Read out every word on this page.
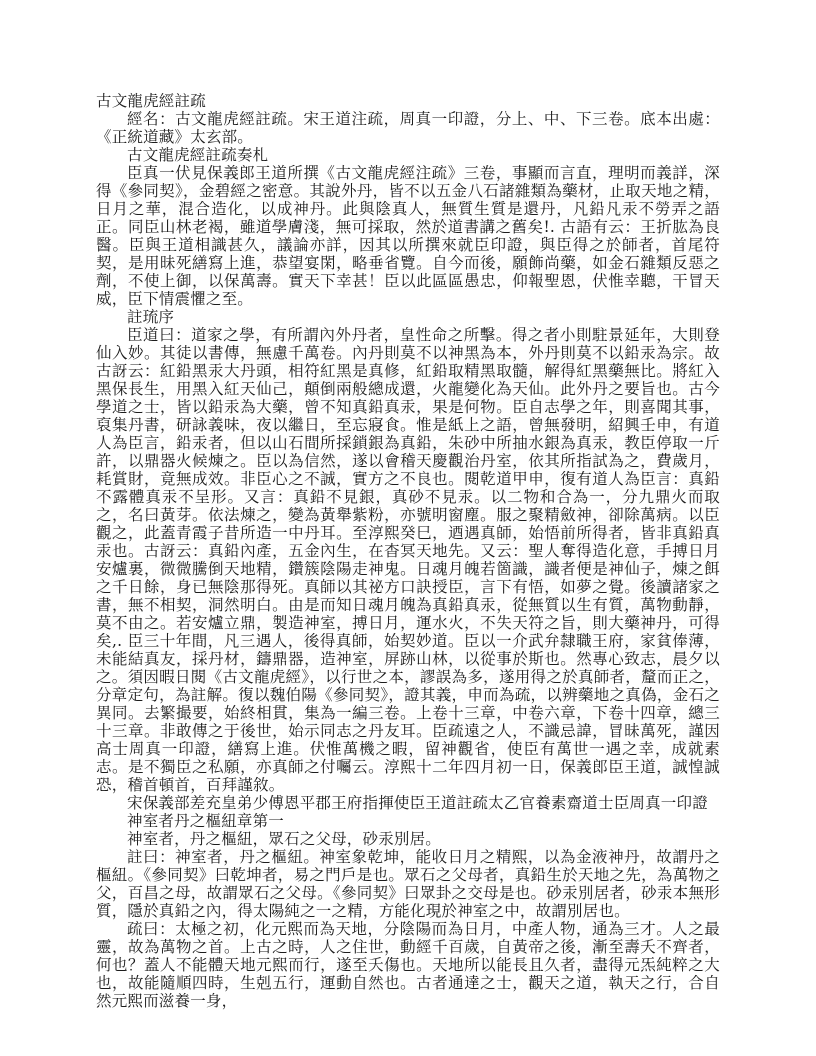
古文龍虎經註疏

經名：古文龍虎經註疏。宋王道注疏，周真一印證，分上、中、下三卷。底本出處：《正統道藏》太玄部。

古文龍虎經註疏奏札

臣真一伏見保義郎王道所撰《古文龍虎經注疏》三卷，事顯而言直，理明而義詳，深得《參同契》，金碧經之密意。其說外丹，皆不以五金八石諸雜類為藥材，止取天地之精，日月之華，混合造化，以成神丹。此與陰真人，無質生質是還丹，凡鉛凡汞不勞弄之語正。同臣山林老褐，雖道學膚淺，無可採取，然於道書講之舊矣!. 古語有云：王折肱為良醫。臣與王道相識甚久，議論亦詳，因其以所撰來就臣印證，與臣得之於師者，首尾符契，是用昧死繕寫上進，恭望宴閑，略垂省覽。自今而後，願飾尚藥，如金石雜類反惡之劑，不使上御，以保萬壽。實天下幸甚！臣以此區區愚忠，仰報聖恩，伏惟幸聽，干冒天威，臣下情震懼之至。

註琉序

臣道曰：道家之學，有所謂內外丹者，皇性命之所擊。得之者小則駐景延年，大則登仙入妙。其徒以書傳，無慮千萬卷。內丹則莫不以神黑為本，外丹則莫不以鉛汞為宗。故古訝云：紅鉛黑汞大丹頭，相符紅黑是真修，紅鉛取精黑取髓，解得紅黑藥無比。將紅入黑保長生，用黑入紅天仙己，顛倒兩般總成還，火龍變化為天仙。此外丹之要旨也。古今學道之士，皆以鉛汞為大藥，曾不知真鉛真汞，果是何物。臣自志學之年，則喜聞其事，裒集丹書，研詠義味，夜以繼日，至忘寢食。惟是紙上之語，曾無發明，紹興壬申，有道人為臣言，鉛汞者，但以山石間所採鎖銀為真鉛，朱砂中所抽水銀為真汞，教臣停取一斤許，以鼎器火候煉之。臣以為信然，遂以會稽天慶觀治丹室，依其所指試為之，費歲月，耗賞財，竟無成效。非臣心之不誠，實方之不良也。閱乾道甲申，復有道人為臣言：真鉛不露體真汞不呈形。又言：真鉛不見銀，真砂不見汞。以二物和合為一，分九鼎火而取之，名曰黃芽。依法煉之，變為黃舉紫粉，亦號明窗塵。服之聚精斂神，卻除萬病。以臣觀之，此蓋青霞子昔所造一中丹耳。至淳熙癸巳，迺遇真師，始悟前所得者，皆非真鉛真汞也。古訝云：真鉛內產，五金內生，在杳冥天地先。又云：聖人奪得造化意，手搏日月安爐裏，微微騰倒天地精，鑽簇陰陽走神鬼。日魂月魄若箇識，識者便是神仙子，煉之餌之千日餘，身已無陰那得死。真師以其祕方口訣授臣，言下有悟，如夢之覺。後讀諸家之書，無不相契，洞然明白。由是而知日魂月魄為真鉛真汞，從無質以生有質，萬物動靜，莫不由之。若安爐立鼎，製造神室，搏日月，運水火，不失天符之旨，則大藥神丹，可得矣,. 臣三十年間，凡三遇人，後得真師，始契妙道。臣以一介武弁隸職王府，家貧俸薄，未能結真友，採丹材，鑄鼎器，造神室，屏跡山林，以從事於斯也。然專心致志，晨夕以之。須因暇日閱《古文龍虎經》，以行世之本，謬誤為多，遂用得之於真師者，釐而正之，分章定句，為註解。復以魏伯陽《參同契》，證其義，申而為疏，以辨藥地之真偽，金石之異同。去繁撮要，始終相貫，集為一編三卷。上卷十三章，中卷六章，下卷十四章，總三十三章。非敢傳之于後世，始示同志之丹友耳。臣疏遠之人，不識忌諱，冒昧萬死，謹因高士周真一印證，繕寫上進。伏惟萬機之暇，留神觀省，使臣有萬世一遇之幸，成就素志。是不獨臣之私願，亦真師之付囑云。淳熙十二年四月初一日，保義郎臣王道，誠惶誠恐，稽首頓首，百拜謹敘。

宋保義部差充皇弟少傅恩平郡王府指揮使臣王道註疏太乙官養素齋道士臣周真一印證

神室者丹之樞紐章第一

神室者，丹之樞紐，眾石之父母，砂汞別居。

註曰：神室者，丹之樞紐。神室象乾坤，能收日月之精熙，以為金液神丹，故謂丹之樞紐。《參同契》曰乾坤者，易之門戶是也。眾石之父母者，真鉛生於天地之先，為萬物之父，百昌之母，故謂眾石之父母。《參同契》曰眾卦之交母是也。砂汞別居者，砂汞本無形質，隱於真鉛之內，得太陽純之一之精，方能化現於神室之中，故謂別居也。

疏曰：太極之初，化元熙而為天地，分陰陽而為日月，中產人物，通為三才。人之最靈，故為萬物之首。上古之時，人之住世，動經千百歲，自黃帝之後，漸至壽夭不齊者，何也？蓋人不能體天地元熙而行，遂至夭傷也。天地所以能長且久者，盡得元炁純粹之大也，故能隨順四時，生剋五行，運動自然也。古者通達之士，觀天之道，執天之行，合自然元熙而滋養一身，
